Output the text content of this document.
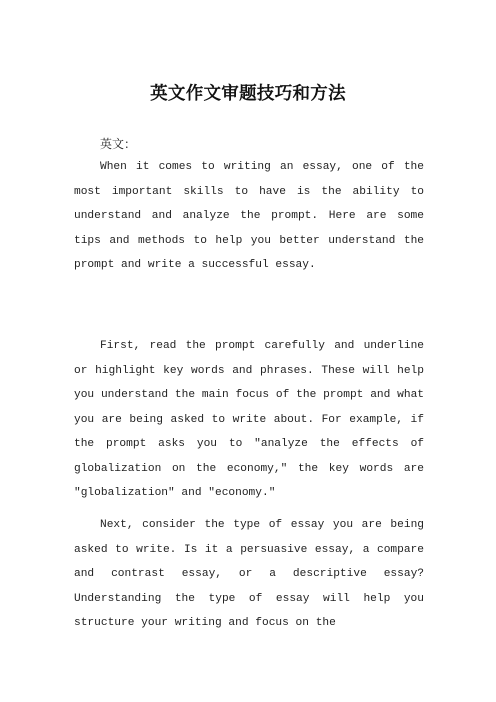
英文作文审题技巧和方法
英文：

When it comes to writing an essay, one of the most important skills to have is the ability to understand and analyze the prompt. Here are some tips and methods to help you better understand the prompt and write a successful essay.

First, read the prompt carefully and underline or highlight key words and phrases. These will help you understand the main focus of the prompt and what you are being asked to write about. For example, if the prompt asks you to "analyze the effects of globalization on the economy," the key words are "globalization" and "economy."

Next, consider the type of essay you are being asked to write. Is it a persuasive essay, a compare and contrast essay, or a descriptive essay? Understanding the type of essay will help you structure your writing and focus on the
